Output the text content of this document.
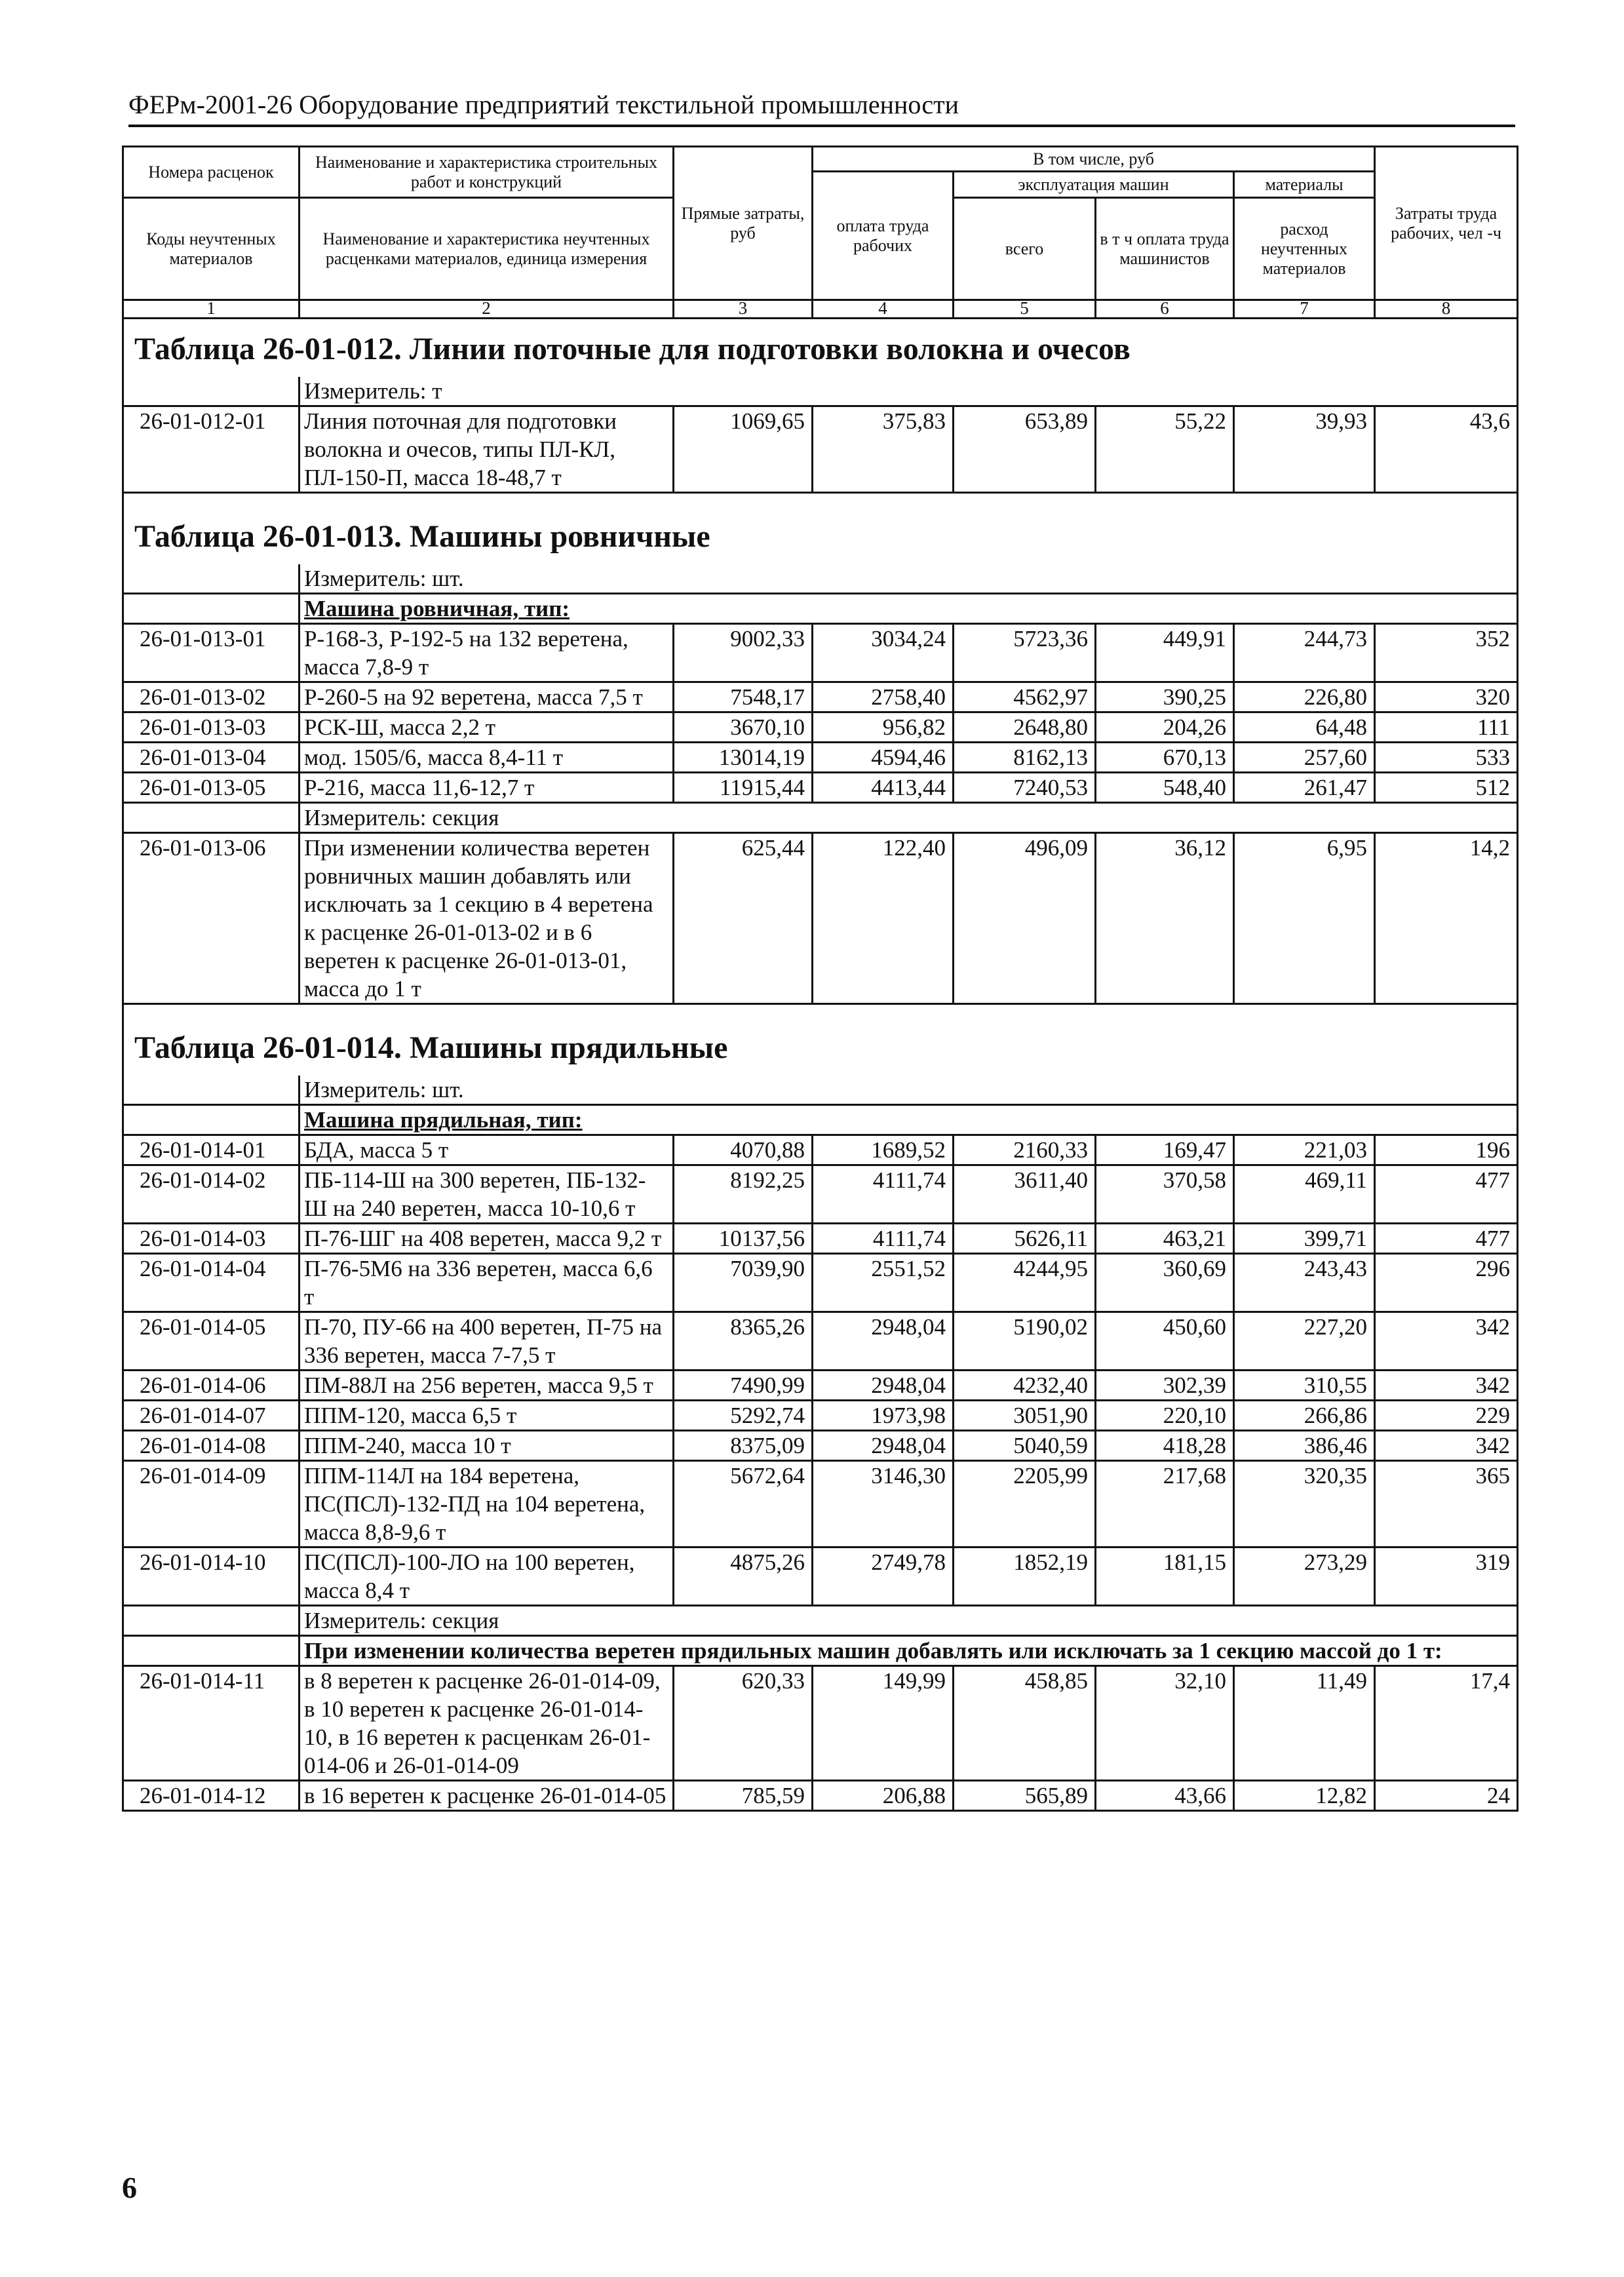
ФЕРм-2001-26 Оборудование предприятий текстильной промышленности
Номера расценок	Наименование и характеристика строительных работ и конструкций	Прямые затраты, руб	В том числе, руб				Затраты труда рабочих, чел -ч
			оплата труда рабочих	эксплуатация машин		материалы	
Коды неучтенных материалов	Наименование и характеристика неучтенных расценками материалов, единица измерения			всего	в т ч оплата труда машинистов	расход неучтенных материалов	

1	2	3	4	5	6	7	8
Таблица 26-01-012. Линии поточные для подготовки волокна и очесов							
	Измеритель: т						
26-01-012-01	Линия поточная для подготовки волокна и очесов, типы ПЛ-КЛ, ПЛ-150-П, масса 18-48,7 т	1069,65	375,83	653,89	55,22	39,93	43,6

Таблица 26-01-013. Машины ровничные							
	Измеритель: шт.						
	Машина ровничная, тип:						
26-01-013-01	Р-168-3, Р-192-5 на 132 веретена, масса 7,8-9 т	9002,33	3034,24	5723,36	449,91	244,73	352
26-01-013-02	Р-260-5 на 92 веретена, масса 7,5 т	7548,17	2758,40	4562,97	390,25	226,80	320
26-01-013-03	РСК-Ш, масса 2,2 т	3670,10	956,82	2648,80	204,26	64,48	111
26-01-013-04	мод. 1505/6, масса 8,4-11 т	13014,19	4594,46	8162,13	670,13	257,60	533
26-01-013-05	Р-216, масса 11,6-12,7 т	11915,44	4413,44	7240,53	548,40	261,47	512
	Измеритель: секция						
26-01-013-06	При изменении количества веретен ровничных машин добавлять или исключать за 1 секцию в 4 веретена к расценке 26-01-013-02 и в 6 веретен к расценке 26-01-013-01, масса до 1 т	625,44	122,40	496,09	36,12	6,95	14,2

Таблица 26-01-014. Машины прядильные							
	Измеритель: шт.						
	Машина прядильная, тип:						
26-01-014-01	БДА, масса 5 т	4070,88	1689,52	2160,33	169,47	221,03	196
26-01-014-02	ПБ-114-Ш на 300 веретен, ПБ-132-Ш на 240 веретен, масса 10-10,6 т	8192,25	4111,74	3611,40	370,58	469,11	477
26-01-014-03	П-76-ШГ на 408 веретен, масса 9,2 т	10137,56	4111,74	5626,11	463,21	399,71	477
26-01-014-04	П-76-5М6 на 336 веретен, масса 6,6 т	7039,90	2551,52	4244,95	360,69	243,43	296
26-01-014-05	П-70, ПУ-66 на 400 веретен, П-75 на 336 веретен, масса 7-7,5 т	8365,26	2948,04	5190,02	450,60	227,20	342
26-01-014-06	ПМ-88Л на 256 веретен, масса 9,5 т	7490,99	2948,04	4232,40	302,39	310,55	342
26-01-014-07	ППМ-120, масса 6,5 т	5292,74	1973,98	3051,90	220,10	266,86	229
26-01-014-08	ППМ-240, масса 10 т	8375,09	2948,04	5040,59	418,28	386,46	342
26-01-014-09	ППМ-114Л на 184 веретена, ПС(ПСЛ)-132-ПД на 104 веретена, масса 8,8-9,6 т	5672,64	3146,30	2205,99	217,68	320,35	365
26-01-014-10	ПС(ПСЛ)-100-ЛО на 100 веретен, масса 8,4 т	4875,26	2749,78	1852,19	181,15	273,29	319
	Измеритель: секция						
	При изменении количества веретен прядильных машин добавлять или исключать за 1 секцию массой до 1 т:						
26-01-014-11	в 8 веретен к расценке 26-01-014-09, в 10 веретен к расценке 26-01-014-10, в 16 веретен к расценкам 26-01-014-06 и 26-01-014-09	620,33	149,99	458,85	32,10	11,49	17,4
26-01-014-12	в 16 веретен к расценке 26-01-014-05	785,59	206,88	565,89	43,66	12,82	24
6
